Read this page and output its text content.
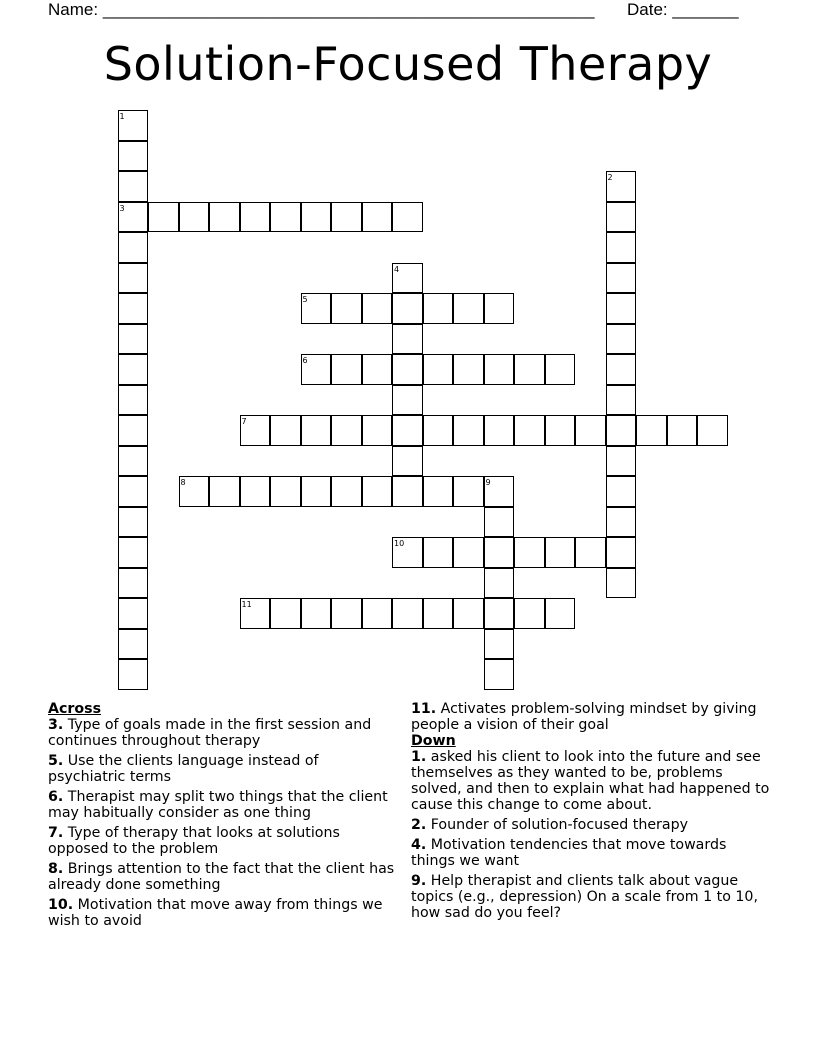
Name: ____________________________________________________ Date: _______
Solution-Focused Therapy
1
3
2
4
5
6
7
8	9
10
11
Across
3. Type of goals made in the first session and continues throughout therapy
5. Use the clients language instead of psychiatric terms
6. Therapist may split two things that the client may habitually consider as one thing
7. Type of therapy that looks at solutions opposed to the problem
8. Brings attention to the fact that the client has already done something
10. Motivation that move away from things we wish to avoid
11. Activates problem-solving mindset by giving people a vision of their goal
Down
1. asked his client to look into the future and see themselves as they wanted to be, problems solved, and then to explain what had happened to cause this change to come about.
2. Founder of solution-focused therapy
4. Motivation tendencies that move towards things we want
9. Help therapist and clients talk about vague topics (e.g., depression) On a scale from 1 to 10, how sad do you feel?
